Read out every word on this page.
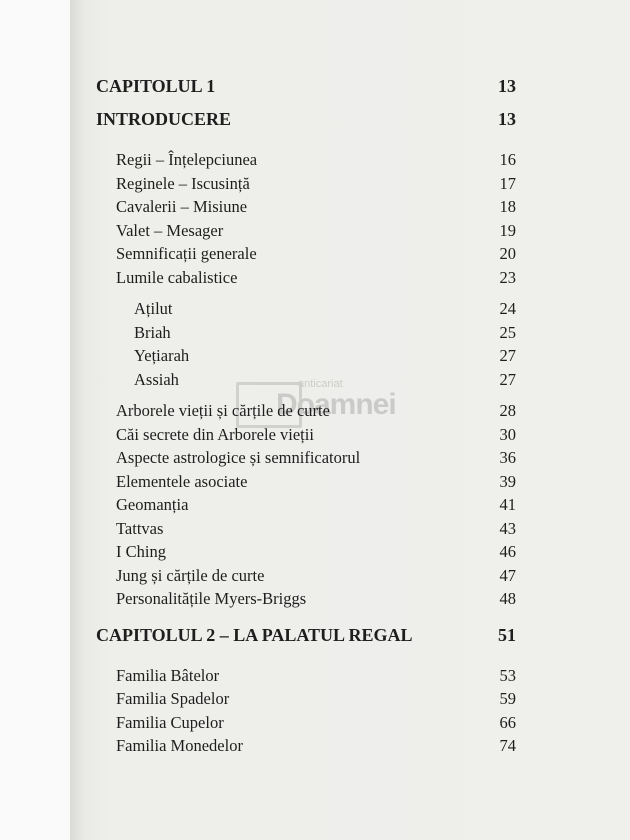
anticariat
Doamnei
CAPITOLUL 1	13
INTRODUCERE	13
Regii – Înțelepciunea	16
Reginele – Iscusință	17
Cavalerii – Misiune	18
Valet – Mesager	19
Semnificații generale	20
Lumile cabalistice	23
Ațilut	24
Briah	25
Yețiarah	27
Assiah	27
Arborele vieții și cărțile de curte	28
Căi secrete din Arborele vieții	30
Aspecte astrologice și semnificatorul	36
Elementele asociate	39
Geomanția	41
Tattvas	43
I Ching	46
Jung și cărțile de curte	47
Personalitățile Myers-Briggs	48
CAPITOLUL 2 – LA PALATUL REGAL	51
Familia Bâtelor	53
Familia Spadelor	59
Familia Cupelor	66
Familia Monedelor	74
